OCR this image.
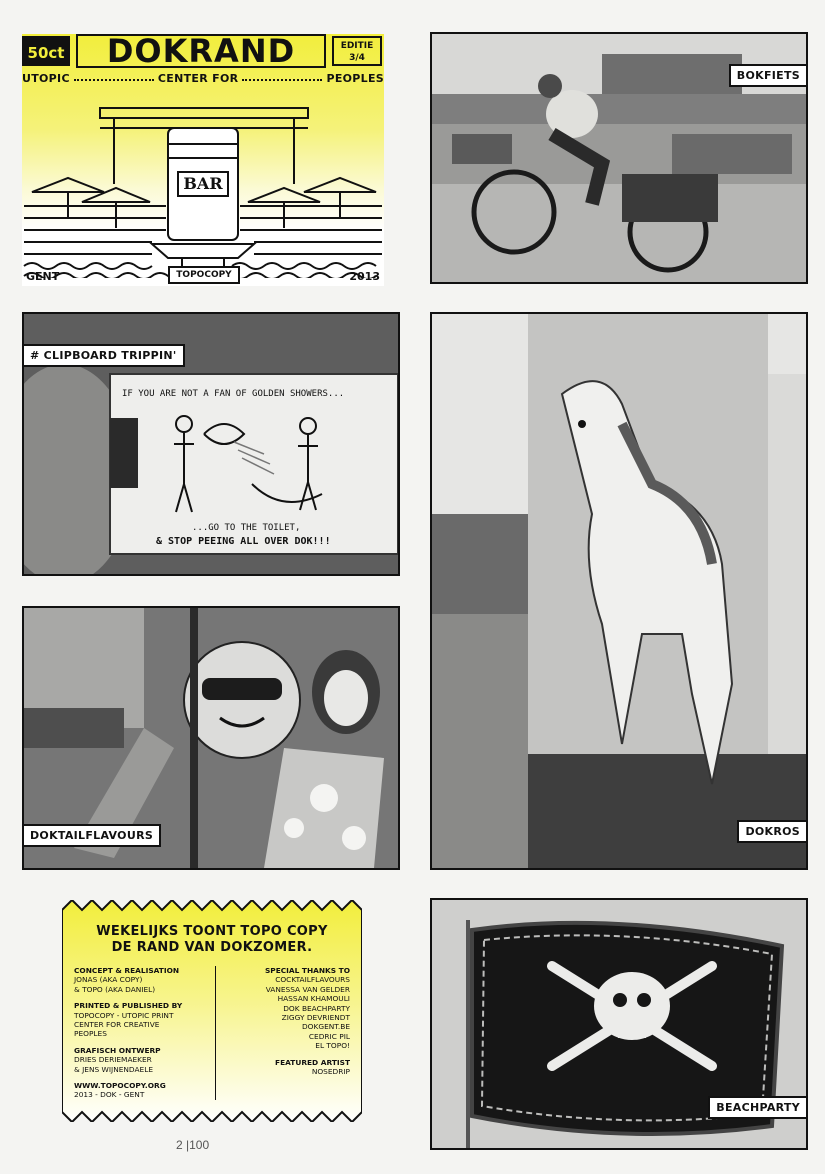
50ct	DOKRAND	EDITIE 3/4
UTOPIC	CENTER FOR	PEOPLES
BAR
GENT	TOPOCOPY	2013
BOKFIETS
IF YOU ARE NOT A FAN OF GOLDEN SHOWERS...
...GO TO THE TOILET,
& STOP PEEING ALL OVER DOK!!!
# CLIPBOARD TRIPPIN'
DOKTAILFLAVOURS	DOKROS
WEKELIJKS TOONT TOPO COPY
DE RAND VAN DOKZOMER.
CONCEPT & REALISATION
JONAS (AKA COPY)
& TOPO (AKA DANIEL)
PRINTED & PUBLISHED BY
TOPOCOPY - UTOPIC PRINT
CENTER FOR CREATIVE
PEOPLES
GRAFISCH ONTWERP
DRIES DERIEMAEKER
& JENS WIJNENDAELE
WWW.TOPOCOPY.ORG
2013 - DOK - GENT
SPECIAL THANKS TO
COCKTAILFLAVOURS
VANESSA VAN GELDER
HASSAN KHAMOULI
DOK BEACHPARTY
ZIGGY DEVRIENDT
DOKGENT.BE
CEDRIC PIL
EL TOPO!
FEATURED ARTIST
NOSEDRIP
BEACHPARTY
2 |100
